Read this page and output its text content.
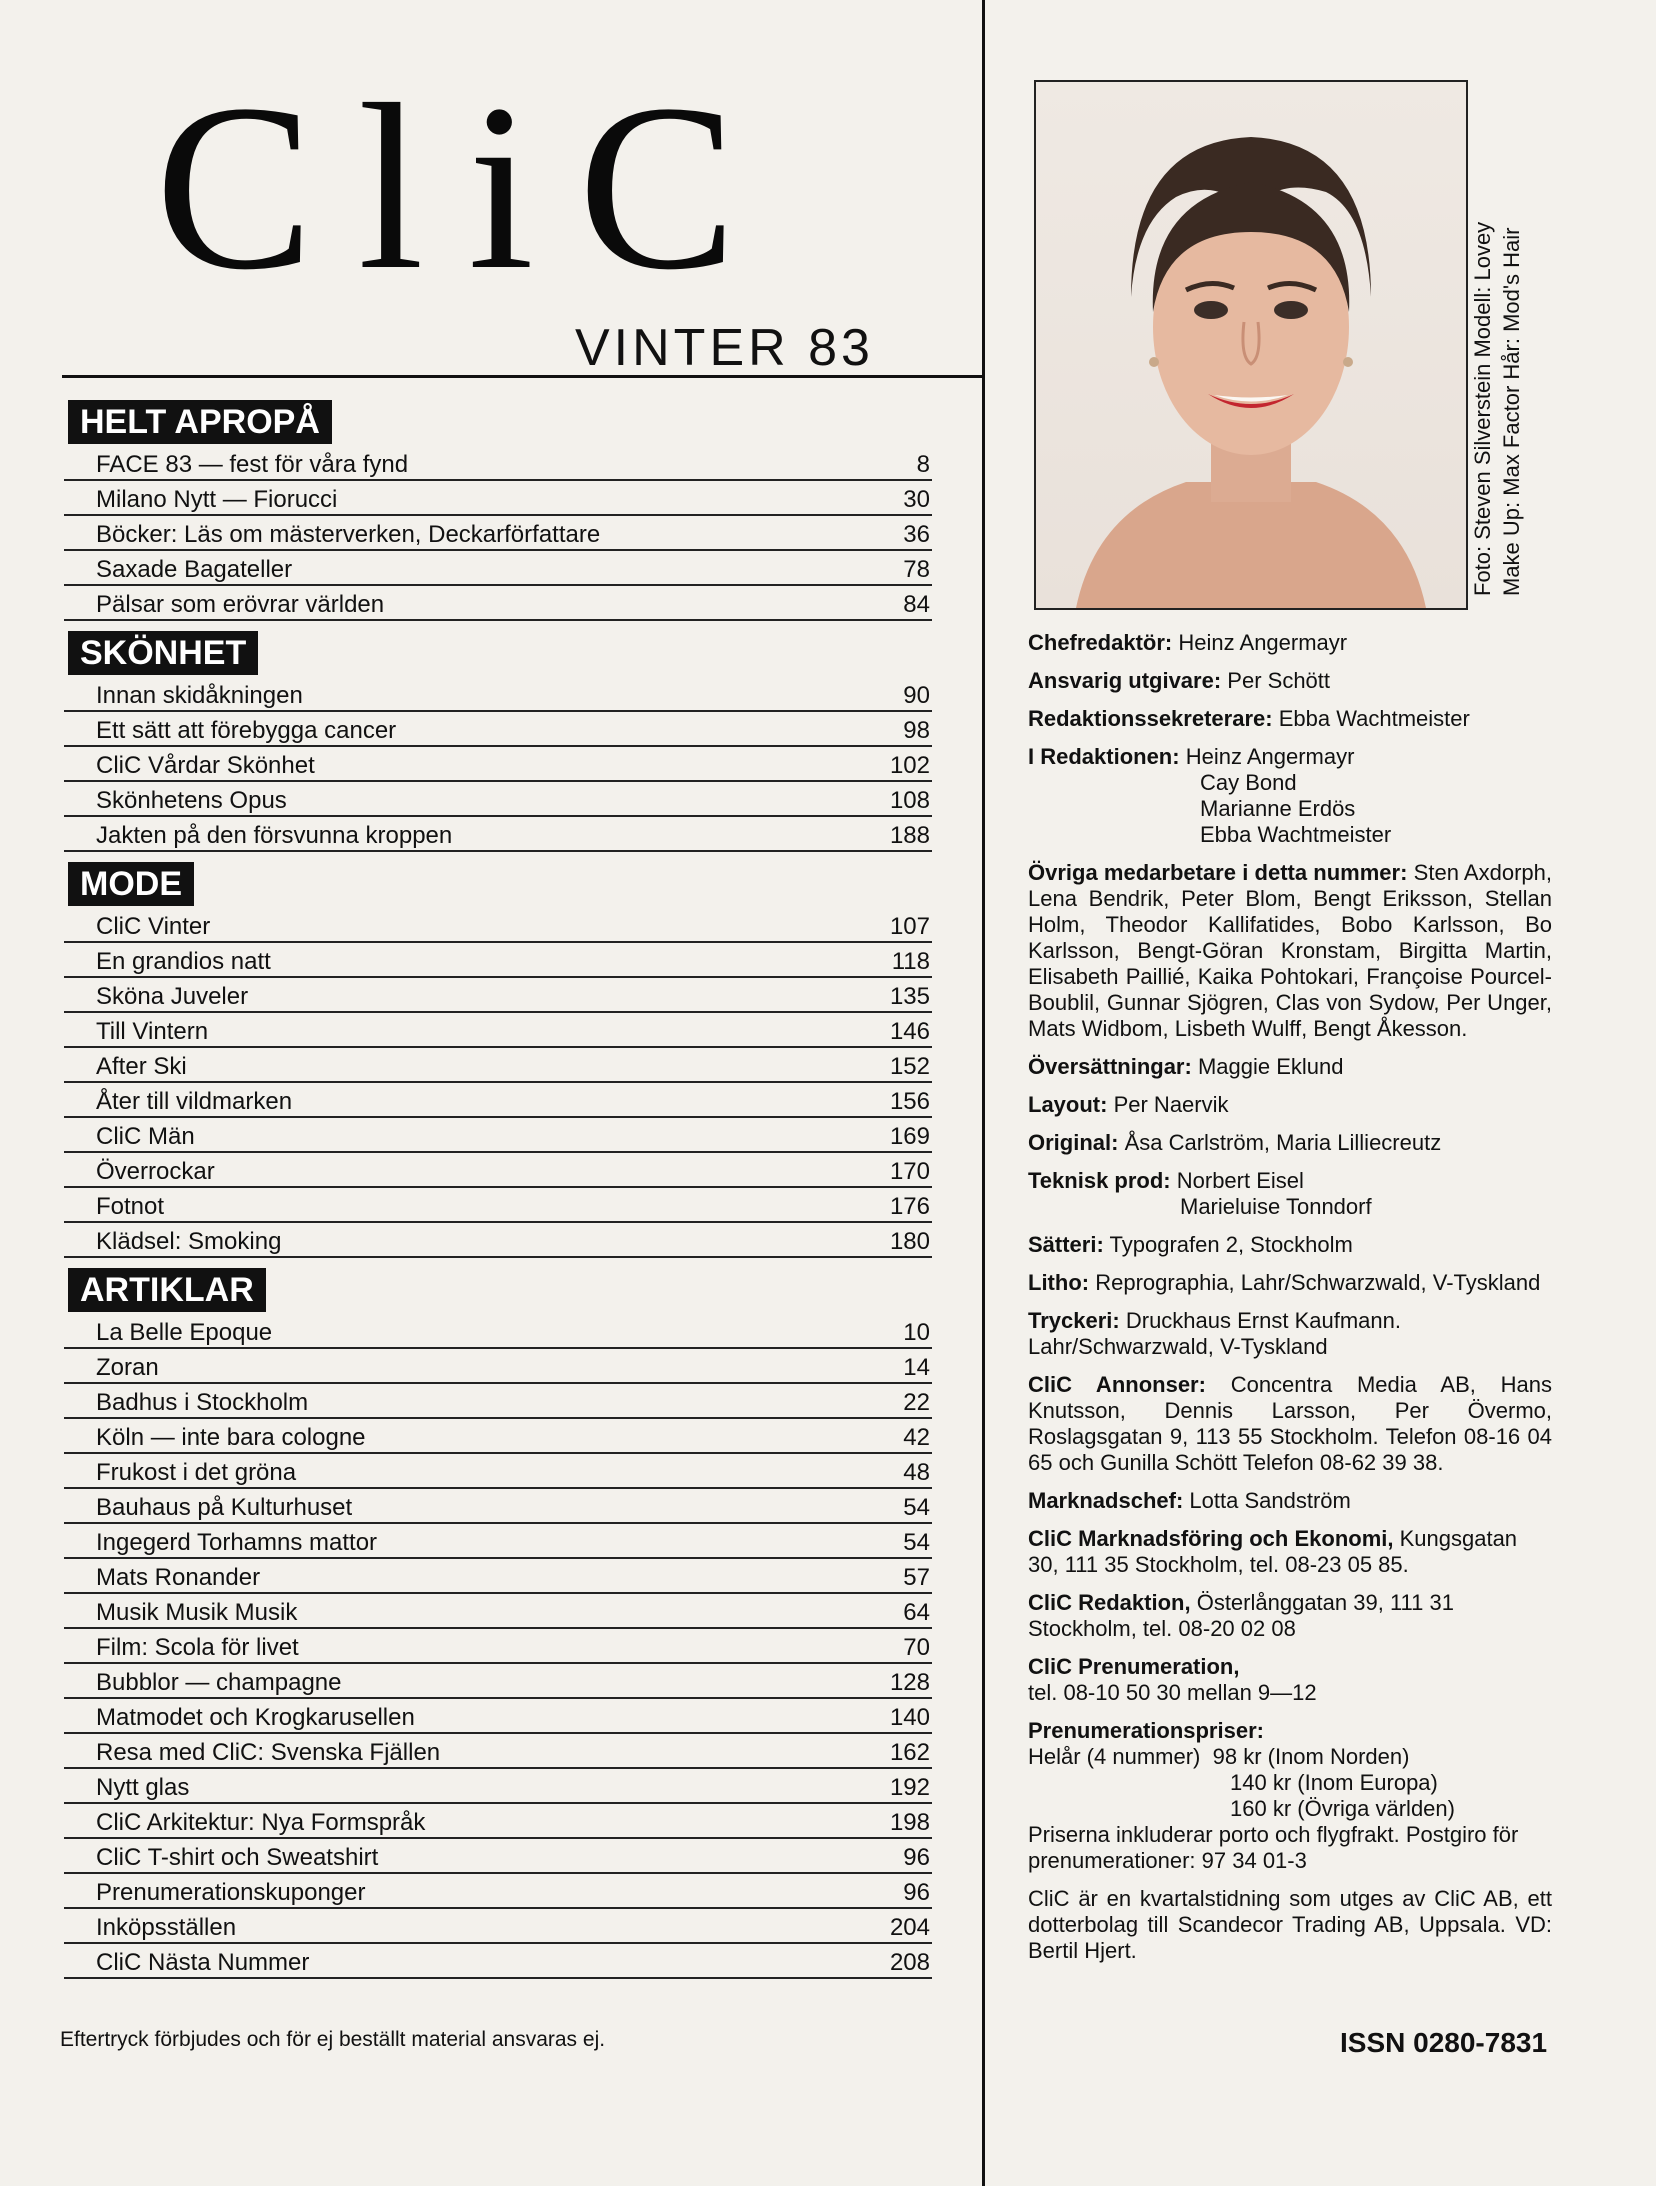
CliC
VINTER 83
HELT APROPÅ
FACE 83 — fest för våra fynd	8
Milano Nytt — Fiorucci	30
Böcker: Läs om mästerverken, Deckarförfattare	36
Saxade Bagateller	78
Pälsar som erövrar världen	84
SKÖNHET
Innan skidåkningen	90
Ett sätt att förebygga cancer	98
CliC Vårdar Skönhet	102
Skönhetens Opus	108
Jakten på den försvunna kroppen	188
MODE
CliC Vinter	107
En grandios natt	118
Sköna Juveler	135
Till Vintern	146
After Ski	152
Åter till vildmarken	156
CliC Män	169
Överrockar	170
Fotnot	176
Klädsel: Smoking	180
ARTIKLAR
La Belle Epoque	10
Zoran	14
Badhus i Stockholm	22
Köln — inte bara cologne	42
Frukost i det gröna	48
Bauhaus på Kulturhuset	54
Ingegerd Torhamns mattor	54
Mats Ronander	57
Musik Musik Musik	64
Film: Scola för livet	70
Bubblor — champagne	128
Matmodet och Krogkarusellen	140
Resa med CliC: Svenska Fjällen	162
Nytt glas	192
CliC Arkitektur: Nya Formspråk	198
CliC T-shirt och Sweatshirt	96
Prenumerationskuponger	96
Inköpsställen	204
CliC Nästa Nummer	208
Eftertryck förbjudes och för ej beställt material ansvaras ej.
Foto: Steven Silverstein Modell: Lovey Make Up: Max Factor Hår: Mod's Hair

Chefredaktör: Heinz Angermayr

Ansvarig utgivare: Per Schött

Redaktionssekreterare: Ebba Wachtmeister

I Redaktionen: Heinz Angermayr
Cay Bond
Marianne Erdös
Ebba Wachtmeister

Övriga medarbetare i detta nummer: Sten Axdorph, Lena Bendrik, Peter Blom, Bengt Eriksson, Stellan Holm, Theodor Kallifatides, Bobo Karlsson, Bo Karlsson, Bengt-Göran Kronstam, Birgitta Martin, Elisabeth Paillié, Kaika Pohtokari, Françoise Pourcel-Boublil, Gunnar Sjögren, Clas von Sydow, Per Unger, Mats Widbom, Lisbeth Wulff, Bengt Åkesson.

Översättningar: Maggie Eklund

Layout: Per Naervik

Original: Åsa Carlström, Maria Lilliecreutz

Teknisk prod: Norbert Eisel
Marieluise Tonndorf

Sätteri: Typografen 2, Stockholm

Litho: Reprographia, Lahr/Schwarzwald, V-Tyskland

Tryckeri: Druckhaus Ernst Kaufmann. Lahr/Schwarzwald, V-Tyskland

CliC Annonser: Concentra Media AB, Hans Knutsson, Dennis Larsson, Per Övermo, Roslagsgatan 9, 113 55 Stockholm. Telefon 08-16 04 65 och Gunilla Schött Telefon 08-62 39 38.

Marknadschef: Lotta Sandström

CliC Marknadsföring och Ekonomi, Kungsgatan 30, 111 35 Stockholm, tel. 08-23 05 85.

CliC Redaktion, Österlånggatan 39, 111 31 Stockholm, tel. 08-20 02 08

CliC Prenumeration,
tel. 08-10 50 30 mellan 9—12

Prenumerationspriser:
Helår (4 nummer) 98 kr (Inom Norden)
140 kr (Inom Europa)
160 kr (Övriga världen)
Priserna inkluderar porto och flygfrakt. Postgiro för prenumerationer: 97 34 01-3

CliC är en kvartalstidning som utges av CliC AB, ett dotterbolag till Scandecor Trading AB, Uppsala. VD: Bertil Hjert.

ISSN 0280-7831
